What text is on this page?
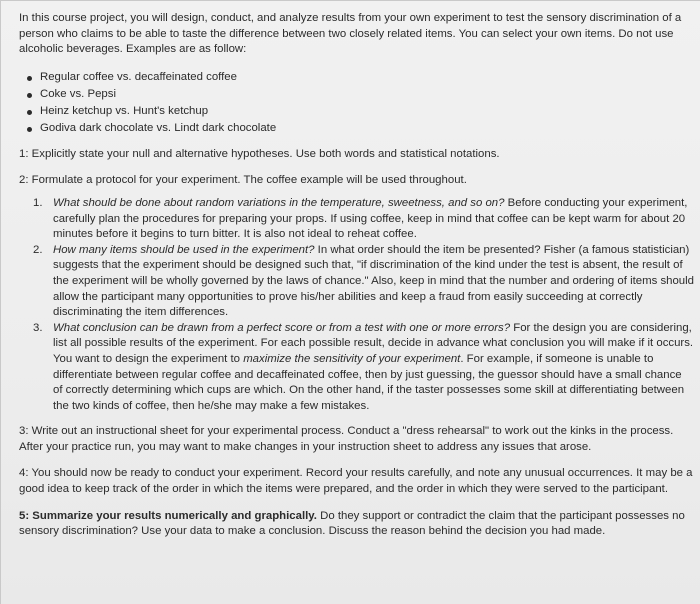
In this course project, you will design, conduct, and analyze results from your own experiment to test the sensory discrimination of a person who claims to be able to taste the difference between two closely related items. You can select your own items. Do not use alcoholic beverages. Examples are as follow:

Regular coffee vs. decaffeinated coffee
Coke vs. Pepsi
Heinz ketchup vs. Hunt's ketchup
Godiva dark chocolate vs. Lindt dark chocolate

1: Explicitly state your null and alternative hypotheses. Use both words and statistical notations.

2: Formulate a protocol for your experiment. The coffee example will be used throughout.

1. What should be done about random variations in the temperature, sweetness, and so on? Before conducting your experiment, carefully plan the procedures for preparing your props. If using coffee, keep in mind that coffee can be kept warm for about 20 minutes before it begins to turn bitter. It is also not ideal to reheat coffee.
2. How many items should be used in the experiment? In what order should the item be presented? Fisher (a famous statistician) suggests that the experiment should be designed such that, "if discrimination of the kind under the test is absent, the result of the experiment will be wholly governed by the laws of chance." Also, keep in mind that the number and ordering of items should allow the participant many opportunities to prove his/her abilities and keep a fraud from easily succeeding at correctly discriminating the item differences.
3. What conclusion can be drawn from a perfect score or from a test with one or more errors? For the design you are considering, list all possible results of the experiment. For each possible result, decide in advance what conclusion you will make if it occurs. You want to design the experiment to maximize the sensitivity of your experiment. For example, if someone is unable to differentiate between regular coffee and decaffeinated coffee, then by just guessing, the guessor should have a small chance of correctly determining which cups are which. On the other hand, if the taster possesses some skill at differentiating between the two kinds of coffee, then he/she may make a few mistakes.

3: Write out an instructional sheet for your experimental process. Conduct a "dress rehearsal" to work out the kinks in the process. After your practice run, you may want to make changes in your instruction sheet to address any issues that arose.

4: You should now be ready to conduct your experiment. Record your results carefully, and note any unusual occurrences. It may be a good idea to keep track of the order in which the items were prepared, and the order in which they were served to the participant.

5: Summarize your results numerically and graphically. Do they support or contradict the claim that the participant possesses no sensory discrimination? Use your data to make a conclusion. Discuss the reason behind the decision you had made.
